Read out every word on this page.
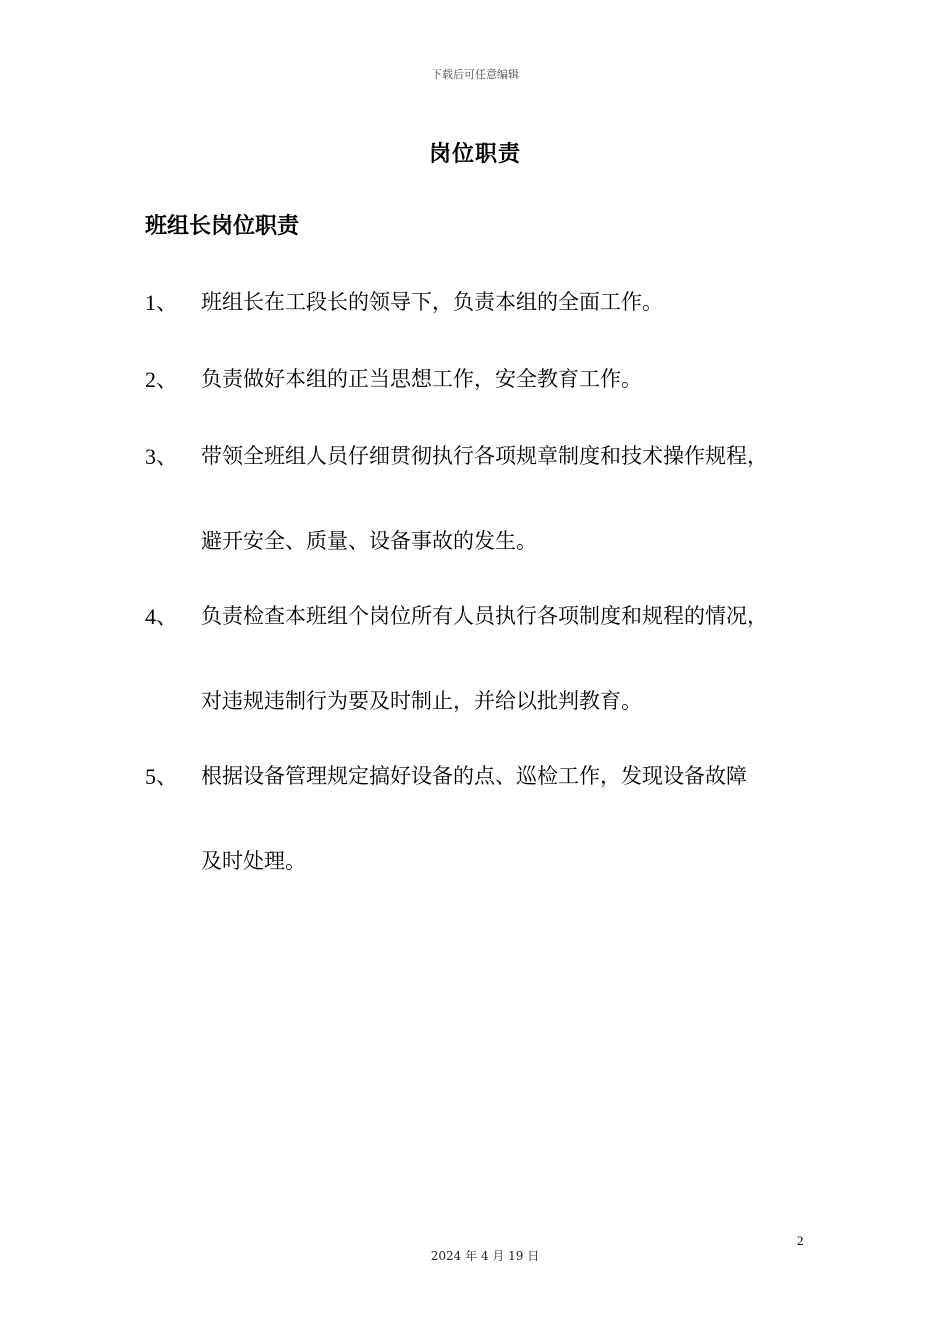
下载后可任意编辑
岗位职责
班组长岗位职责
1、 班组长在工段长的领导下，负责本组的全面工作。
2、 负责做好本组的正当思想工作，安全教育工作。
3、 带领全班组人员仔细贯彻执行各项规章制度和技术操作规程，
避开安全、质量、设备事故的发生。
4、 负责检查本班组个岗位所有人员执行各项制度和规程的情况，
对违规违制行为要及时制止，并给以批判教育。
5、 根据设备管理规定搞好设备的点、巡检工作，发现设备故障
及时处理。
2
2024 年 4 月 19 日
